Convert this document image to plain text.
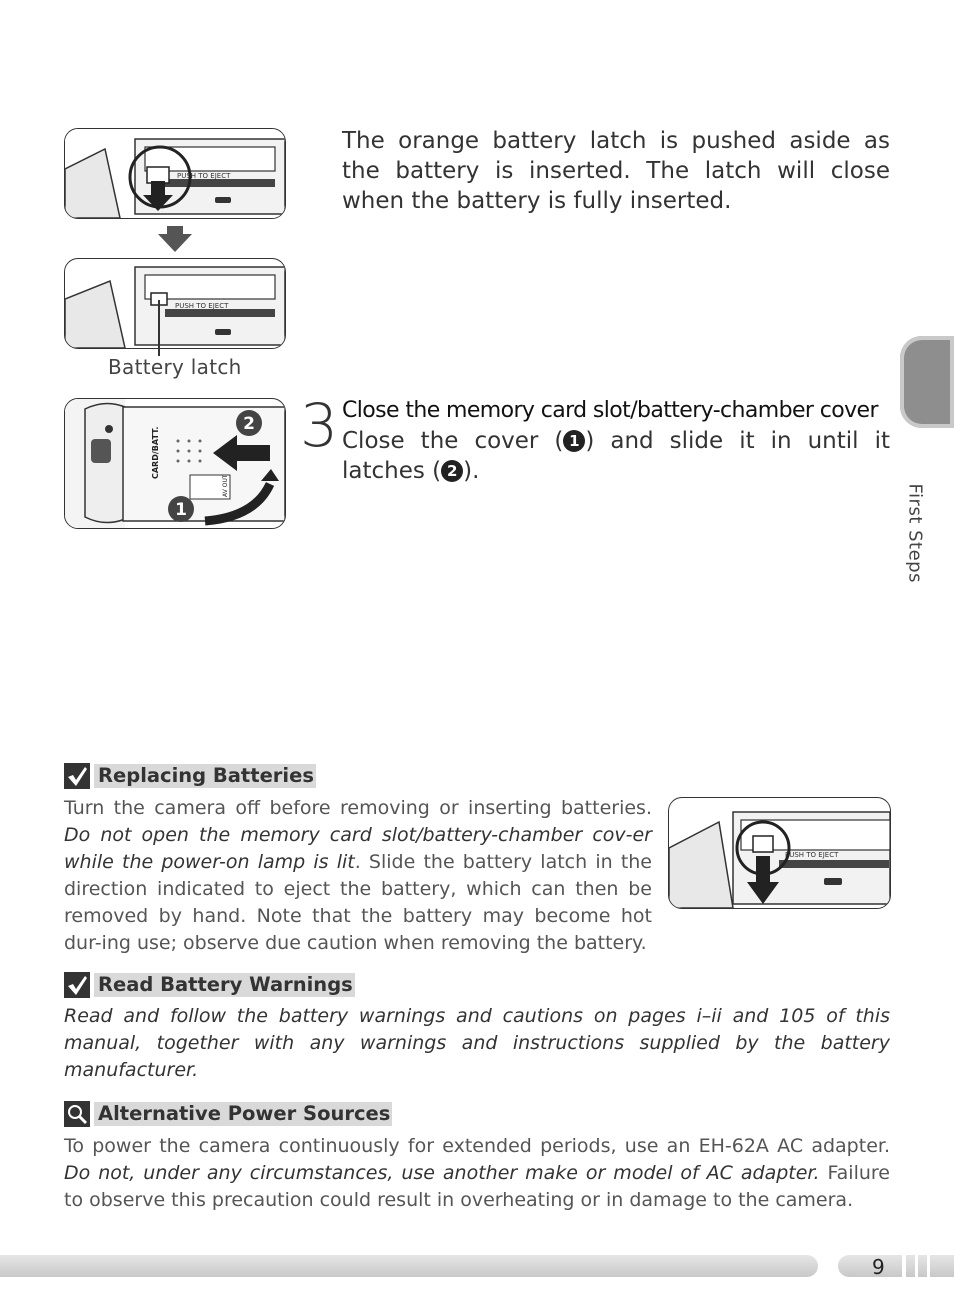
PUSH TO EJECT
PUSH TO EJECT
Battery latch
The orange battery latch is pushed aside as the battery is inserted. The latch will close when the battery is fully inserted.
CARD/BATT.
AV OUT
2
1
3 Close the memory card slot/battery-chamber cover
Close the cover ( 1 ) and slide it in until it latches ( 2 ).
First Steps
Replacing Batteries
Turn the camera off before removing or inserting batteries. Do not open the memory card slot/battery-chamber cov-er while the power-on lamp is lit. Slide the battery latch in the direction indicated to eject the battery, which can then be removed by hand. Note that the battery may become hot dur-ing use; observe due caution when removing the battery.
PUSH TO EJECT
Read Battery Warnings
Read and follow the battery warnings and cautions on pages i–ii and 105 of this manual, together with any warnings and instructions supplied by the battery manufacturer.
Alternative Power Sources
To power the camera continuously for extended periods, use an EH-62A AC adapter. Do not, under any circumstances, use another make or model of AC adapter. Failure to observe this precaution could result in overheating or in damage to the camera.
9
